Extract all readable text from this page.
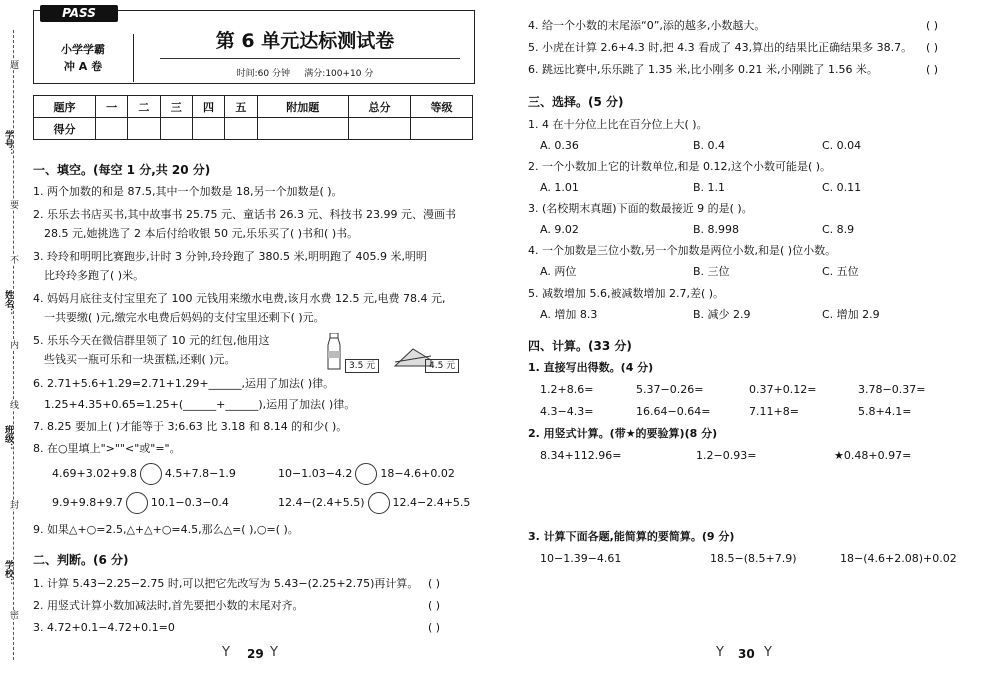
题
要
不
内
线
封
密
学号：
姓名：
班级：
学校：
PASS
小学学霸
冲 A 卷
第 6 单元达标测试卷
时间:60 分钟 满分:100+10 分
题序	一	二	三	四	五	附加题	总分	等级
得分								
一、填空。(每空 1 分,共 20 分)
1. 两个加数的和是 87.5,其中一个加数是 18,另一个加数是( )。
2. 乐乐去书店买书,其中故事书 25.75 元、童话书 26.3 元、科技书 23.99 元、漫画书
28.5 元,她挑选了 2 本后付给收银 50 元,乐乐买了( )书和( )书。
3. 玲玲和明明比赛跑步,计时 3 分钟,玲玲跑了 380.5 米,明明跑了 405.9 米,明明
比玲玲多跑了( )米。
4. 妈妈月底往支付宝里充了 100 元钱用来缴水电费,该月水费 12.5 元,电费 78.4 元,
一共要缴( )元,缴完水电费后妈妈的支付宝里还剩下( )元。
5. 乐乐今天在微信群里领了 10 元的红包,他用这
些钱买一瓶可乐和一块蛋糕,还剩( )元。	3.5 元	4.5 元
6. 2.71+5.6+1.29=2.71+1.29+______,运用了加法( )律。
1.25+4.35+0.65=1.25+(______+______),运用了加法( )律。
7. 8.25 要加上( )才能等于 3;6.63 比 3.18 和 8.14 的和少( )。
8. 在○里填上">""<"或"="。
4.69+3.02+9.8	4.5+7.8−1.9	10−1.03−4.2	18−4.6+0.02
9.9+9.8+9.7	10.1−0.3−0.4	12.4−(2.4+5.5)	12.4−2.4+5.5
9. 如果△+○=2.5,△+△+○=4.5,那么△=( ),○=( )。
二、判断。(6 分)
1. 计算 5.43−2.25−2.75 时,可以把它先改写为 5.43−(2.25+2.75)再计算。 ( )
2. 用竖式计算小数加减法时,首先要把小数的末尾对齐。	( )
3. 4.72+0.1−4.72+0.1=0	( )
Y 29 Y
4. 给一个小数的末尾添“0”,添的越多,小数越大。	( )
5. 小虎在计算 2.6+4.3 时,把 4.3 看成了 43,算出的结果比正确结果多 38.7。 ( )
6. 跳远比赛中,乐乐跳了 1.35 米,比小刚多 0.21 米,小刚跳了 1.56 米。	( )
三、选择。(5 分)
1. 4 在十分位上比在百分位上大( )。
A. 0.36	B. 0.4	C. 0.04
2. 一个小数加上它的计数单位,和是 0.12,这个小数可能是( )。
A. 1.01	B. 1.1	C. 0.11
3. (名校期末真题)下面的数最接近 9 的是( )。
A. 9.02	B. 8.998	C. 8.9
4. 一个加数是三位小数,另一个加数是两位小数,和是( )位小数。
A. 两位	B. 三位	C. 五位
5. 减数增加 5.6,被减数增加 2.7,差( )。
A. 增加 8.3	B. 减少 2.9	C. 增加 2.9
四、计算。(33 分)
1. 直接写出得数。(4 分)
1.2+8.6=	5.37−0.26=	0.37+0.12=	3.78−0.37=
4.3−4.3=	16.64−0.64=	7.11+8=	5.8+4.1=
2. 用竖式计算。(带★的要验算)(8 分)
8.34+112.96=	1.2−0.93=	★0.48+0.97=
3. 计算下面各题,能简算的要简算。(9 分)
10−1.39−4.61	18.5−(8.5+7.9)	18−(4.6+2.08)+0.02
Y 30 Y
